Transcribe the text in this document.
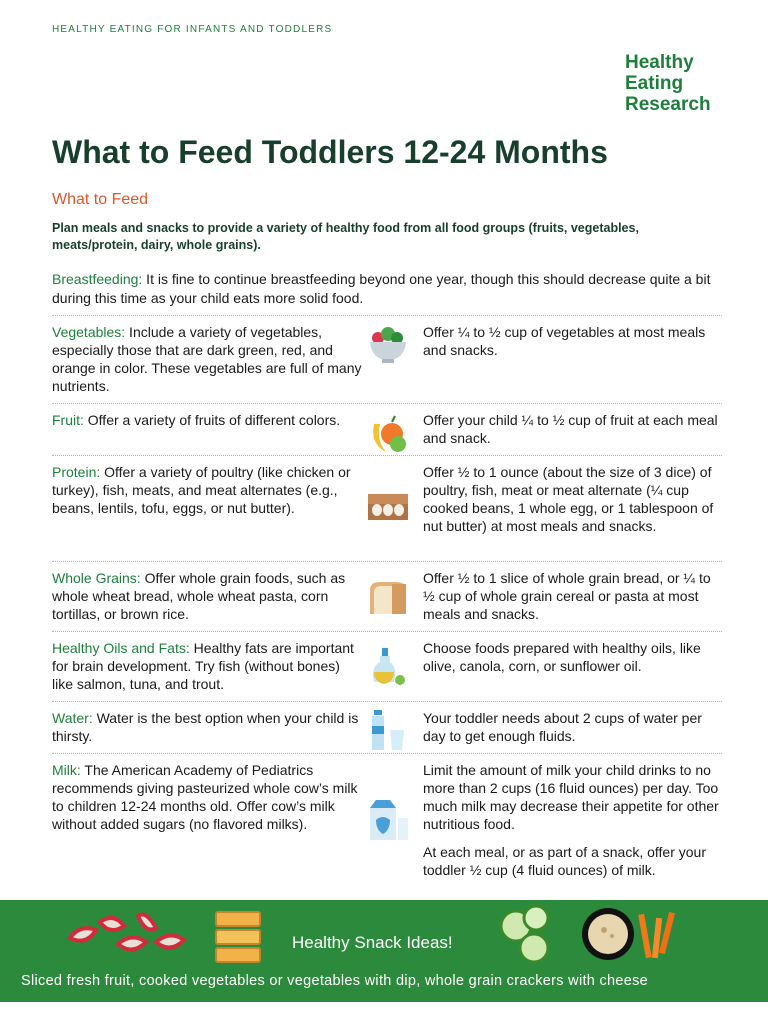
HEALTHY EATING FOR INFANTS AND TODDLERS
Healthy
Eating
Research
What to Feed Toddlers 12-24 Months
What to Feed
Plan meals and snacks to provide a variety of healthy food from all food groups (fruits, vegetables, meats/protein, dairy, whole grains).
Breastfeeding: It is fine to continue breastfeeding beyond one year, though this should decrease quite a bit during this time as your child eats more solid food.
Vegetables: Include a variety of vegetables, especially those that are dark green, red, and orange in color. These vegetables are full of many nutrients.

Offer ¼ to ½ cup of vegetables at most meals and snacks.

Fruit: Offer a variety of fruits of different colors.	Offer your child ¼ to ½ cup of fruit at each meal and snack.

Protein: Offer a variety of poultry (like chicken or turkey), fish, meats, and meat alternates (e.g., beans, lentils, tofu, eggs, or nut butter).

Offer ½ to 1 ounce (about the size of 3 dice) of poultry, fish, meat or meat alternate (¼ cup cooked beans, 1 whole egg, or 1 tablespoon of nut butter) at most meals and snacks.

Whole Grains: Offer whole grain foods, such as whole wheat bread, whole wheat pasta, corn tortillas, or brown rice.

Offer ½ to 1 slice of whole grain bread, or ¼ to ½ cup of whole grain cereal or pasta at most meals and snacks.

Healthy Oils and Fats: Healthy fats are important for brain development. Try fish (without bones) like salmon, tuna, and trout.

Choose foods prepared with healthy oils, like olive, canola, corn, or sunflower oil.

Water: Water is the best option when your child is thirsty.

Your toddler needs about 2 cups of water per day to get enough fluids.

Milk: The American Academy of Pediatrics recommends giving pasteurized whole cow’s milk to children 12-24 months old. Offer cow’s milk without added sugars (no flavored milks).

Limit the amount of milk your child drinks to no more than 2 cups (16 fluid ounces) per day. Too much milk may decrease their appetite for other nutritious food.

At each meal, or as part of a snack, offer your toddler ½ cup (4 fluid ounces) of milk.

Healthy Snack Ideas!
Sliced fresh fruit, cooked vegetables or vegetables with dip, whole grain crackers with cheese
